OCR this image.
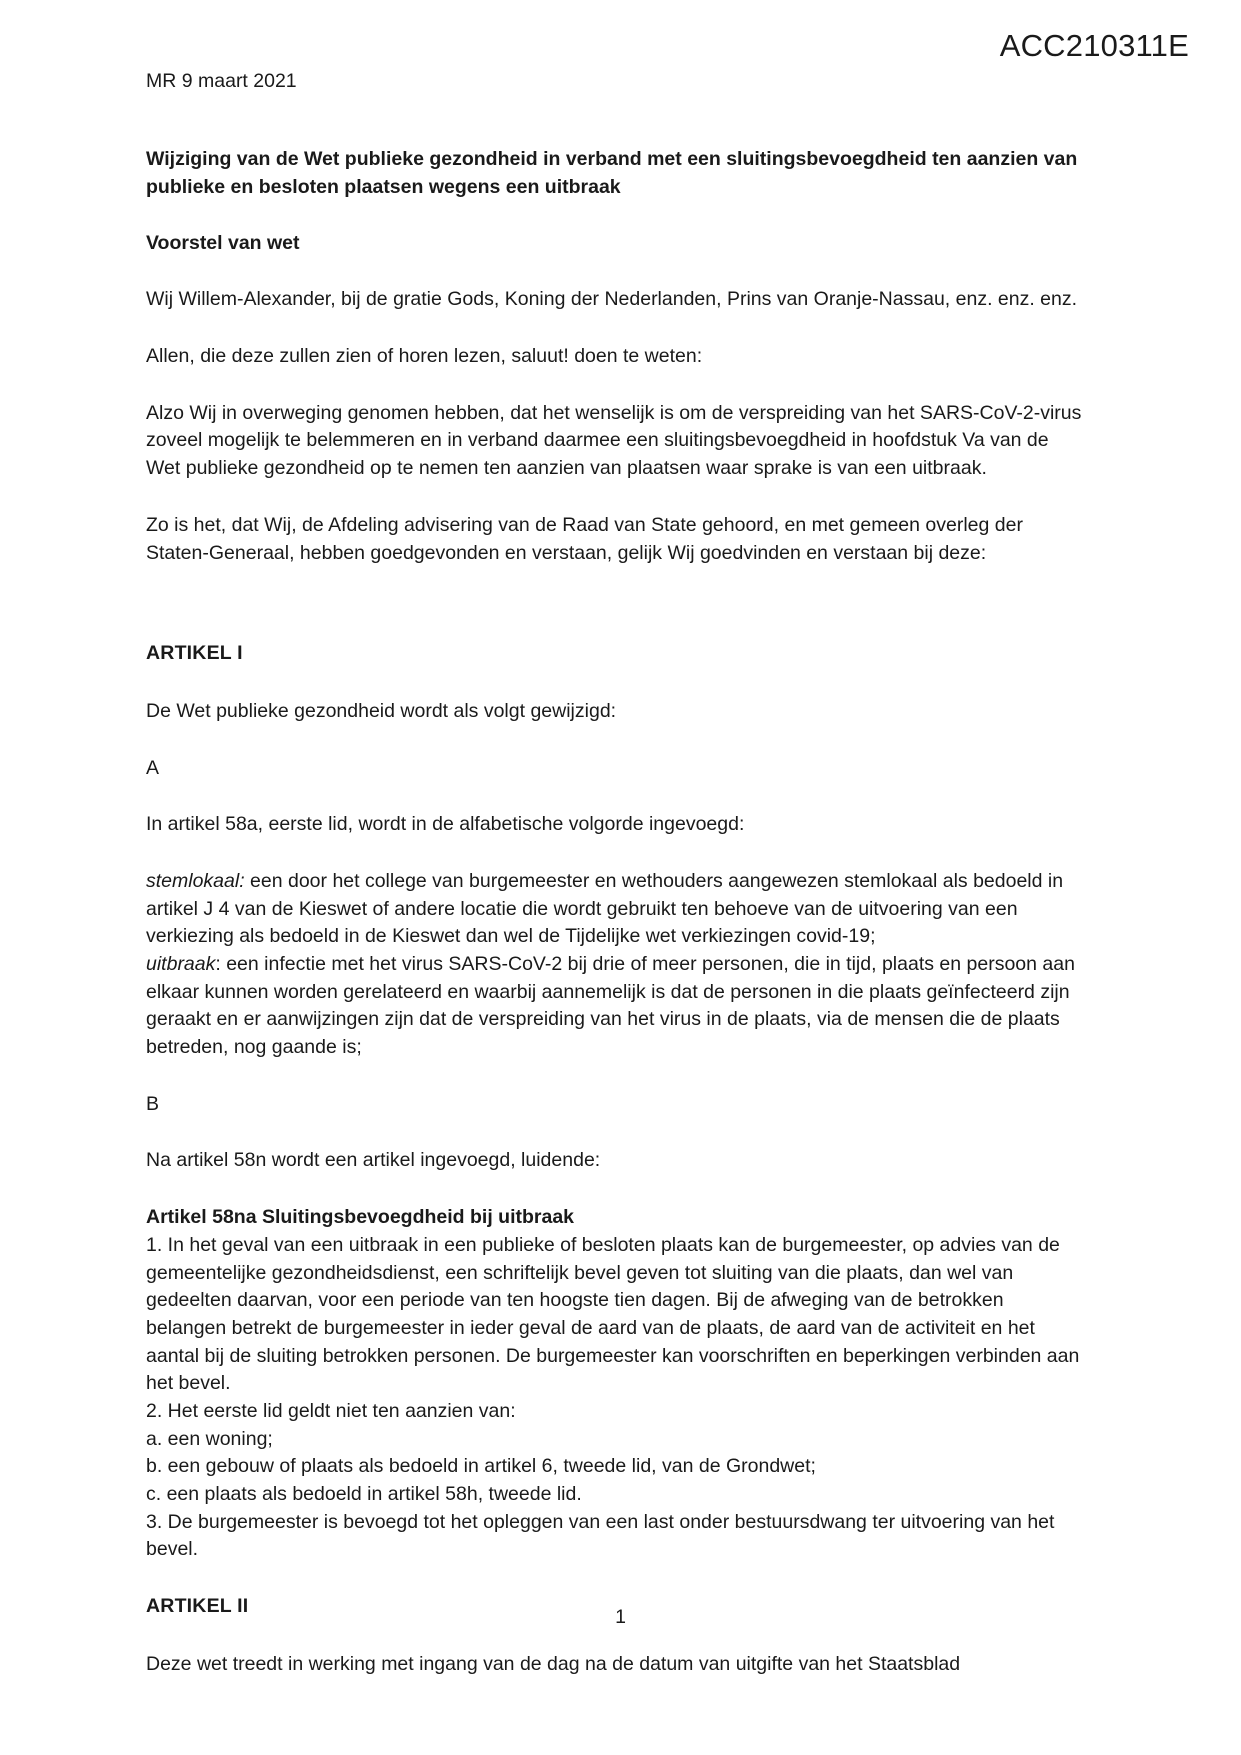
ACC210311E

MR 9 maart 2021

Wijziging van de Wet publieke gezondheid in verband met een sluitingsbevoegdheid ten aanzien van publieke en besloten plaatsen wegens een uitbraak

Voorstel van wet

Wij Willem-Alexander, bij de gratie Gods, Koning der Nederlanden, Prins van Oranje-Nassau, enz. enz. enz.

Allen, die deze zullen zien of horen lezen, saluut! doen te weten:

Alzo Wij in overweging genomen hebben, dat het wenselijk is om de verspreiding van het SARS-CoV-2-virus zoveel mogelijk te belemmeren en in verband daarmee een sluitingsbevoegdheid in hoofdstuk Va van de Wet publieke gezondheid op te nemen ten aanzien van plaatsen waar sprake is van een uitbraak.

Zo is het, dat Wij, de Afdeling advisering van de Raad van State gehoord, en met gemeen overleg der Staten-Generaal, hebben goedgevonden en verstaan, gelijk Wij goedvinden en verstaan bij deze:

ARTIKEL I

De Wet publieke gezondheid wordt als volgt gewijzigd:

A

In artikel 58a, eerste lid, wordt in de alfabetische volgorde ingevoegd:

stemlokaal: een door het college van burgemeester en wethouders aangewezen stemlokaal als bedoeld in artikel J 4 van de Kieswet of andere locatie die wordt gebruikt ten behoeve van de uitvoering van een verkiezing als bedoeld in de Kieswet dan wel de Tijdelijke wet verkiezingen covid-19;
uitbraak: een infectie met het virus SARS-CoV-2 bij drie of meer personen, die in tijd, plaats en persoon aan elkaar kunnen worden gerelateerd en waarbij aannemelijk is dat de personen in die plaats geïnfecteerd zijn geraakt en er aanwijzingen zijn dat de verspreiding van het virus in de plaats, via de mensen die de plaats betreden, nog gaande is;

B

Na artikel 58n wordt een artikel ingevoegd, luidende:

Artikel 58na Sluitingsbevoegdheid bij uitbraak

1. In het geval van een uitbraak in een publieke of besloten plaats kan de burgemeester, op advies van de gemeentelijke gezondheidsdienst, een schriftelijk bevel geven tot sluiting van die plaats, dan wel van gedeelten daarvan, voor een periode van ten hoogste tien dagen. Bij de afweging van de betrokken belangen betrekt de burgemeester in ieder geval de aard van de plaats, de aard van de activiteit en het aantal bij de sluiting betrokken personen. De burgemeester kan voorschriften en beperkingen verbinden aan het bevel.

2. Het eerste lid geldt niet ten aanzien van:

a. een woning;

b. een gebouw of plaats als bedoeld in artikel 6, tweede lid, van de Grondwet;

c. een plaats als bedoeld in artikel 58h, tweede lid.

3. De burgemeester is bevoegd tot het opleggen van een last onder bestuursdwang ter uitvoering van het bevel.

ARTIKEL II

Deze wet treedt in werking met ingang van de dag na de datum van uitgifte van het Staatsblad

1
